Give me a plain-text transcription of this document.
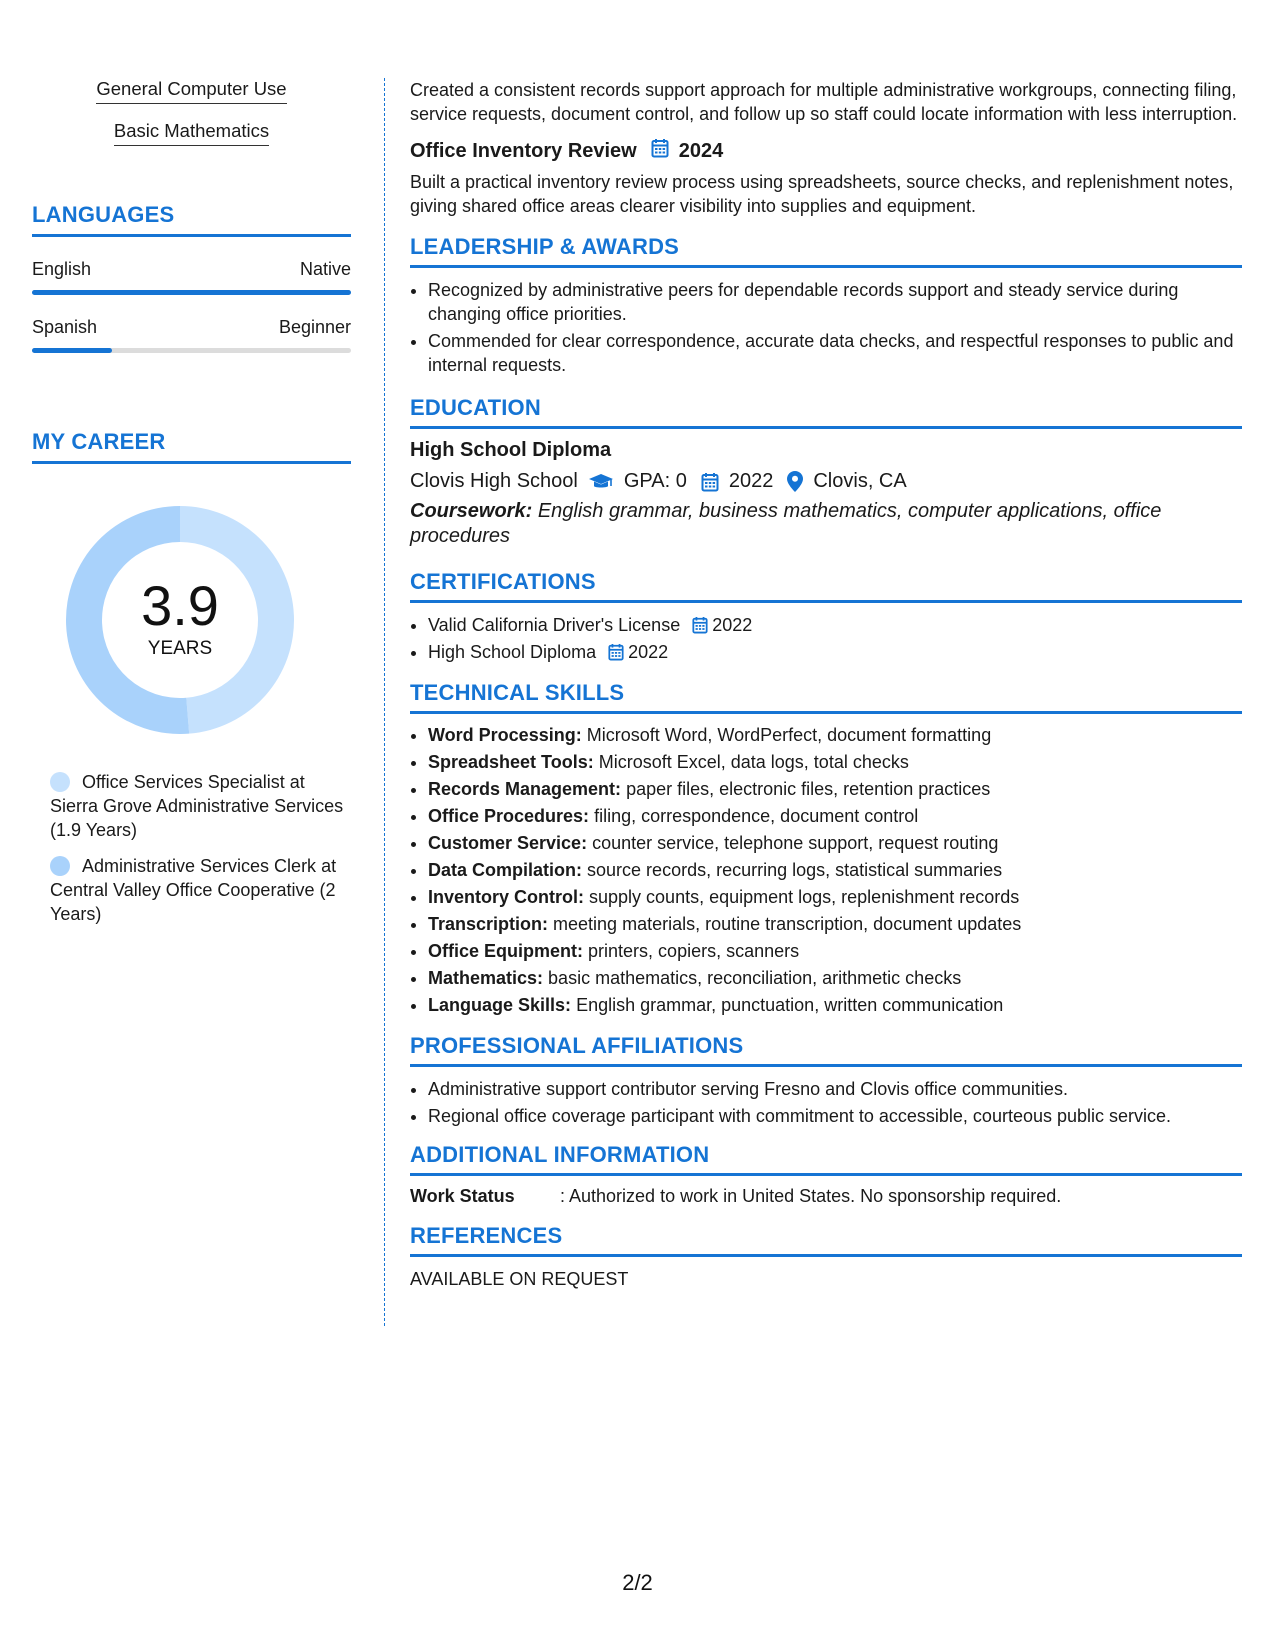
General Computer Use
Basic Mathematics
LANGUAGES
English	Native
Spanish	Beginner
MY CAREER
3.9
YEARS
Office Services Specialist at Sierra Grove Administrative Services (1.9 Years)
Administrative Services Clerk at Central Valley Office Cooperative (2 Years)

Created a consistent records support approach for multiple administrative workgroups, connecting filing, service requests, document control, and follow up so staff could locate information with less interruption.

Office Inventory Review 2024

Built a practical inventory review process using spreadsheets, source checks, and replenishment notes, giving shared office areas clearer visibility into supplies and equipment.

LEADERSHIP & AWARDS
• Recognized by administrative peers for dependable records support and steady service during changing office priorities.
• Commended for clear correspondence, accurate data checks, and respectful responses to public and internal requests.
EDUCATION
High School Diploma
Clovis High School GPA: 0 2022 Clovis, CA

Coursework: English grammar, business mathematics, computer applications, office procedures

CERTIFICATIONS
• Valid California Driver's License 2022
• High School Diploma 2022
TECHNICAL SKILLS
• Word Processing: Microsoft Word, WordPerfect, document formatting
• Spreadsheet Tools: Microsoft Excel, data logs, total checks
• Records Management: paper files, electronic files, retention practices
• Office Procedures: filing, correspondence, document control
• Customer Service: counter service, telephone support, request routing
• Data Compilation: source records, recurring logs, statistical summaries
• Inventory Control: supply counts, equipment logs, replenishment records
• Transcription: meeting materials, routine transcription, document updates
• Office Equipment: printers, copiers, scanners
• Mathematics: basic mathematics, reconciliation, arithmetic checks
• Language Skills: English grammar, punctuation, written communication
PROFESSIONAL AFFILIATIONS
• Administrative support contributor serving Fresno and Clovis office communities.
• Regional office coverage participant with commitment to accessible, courteous public service.
ADDITIONAL INFORMATION
Work Status	: Authorized to work in United States. No sponsorship required.
REFERENCES
AVAILABLE ON REQUEST
2/2
